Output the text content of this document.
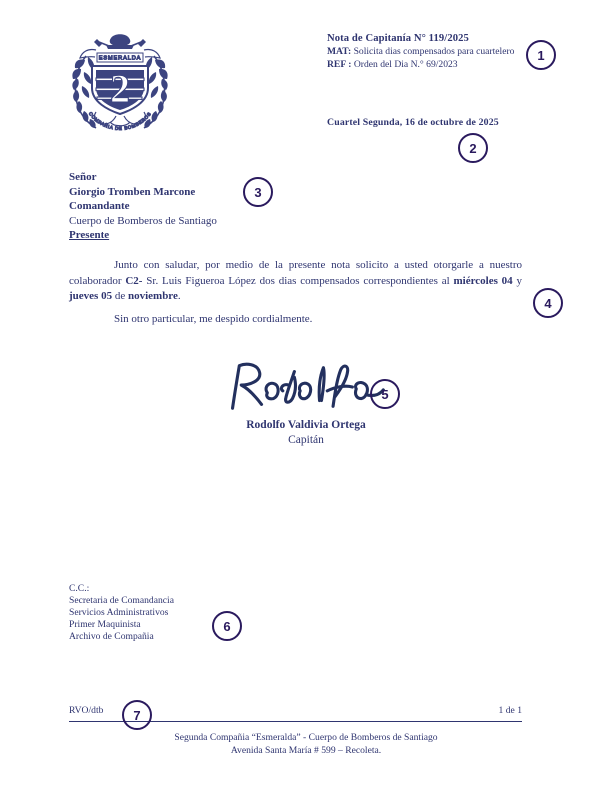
ESMERALDA
2
COMPAÑIA DE BOMBEROS
Nota de Capitanía N° 119/2025
MAT: Solicita dias compensados para cuartelero
REF : Orden del Dia N.° 69/2023
Cuartel Segunda, 16 de octubre de 2025
Señor
Giorgio Tromben Marcone
Comandante
Cuerpo de Bomberos de Santiago
Presente
Junto con saludar, por medio de la presente nota solicito a usted otorgarle a nuestro colaborador C2- Sr. Luis Figueroa López dos dias compensados correspondientes al miércoles 04 y jueves 05 de noviembre.
Sin otro particular, me despido cordialmente.
Rodolfo Valdivia Ortega
Capitán
C.C.:
Secretaria de Comandancia
Servicios Administrativos
Primer Maquinista
Archivo de Compañia
RVO/dtb	1 de 1
Segunda Compañia “Esmeralda” - Cuerpo de Bomberos de Santiago
Avenida Santa María # 599 – Recoleta.
1
2
3
4
5
6
7
